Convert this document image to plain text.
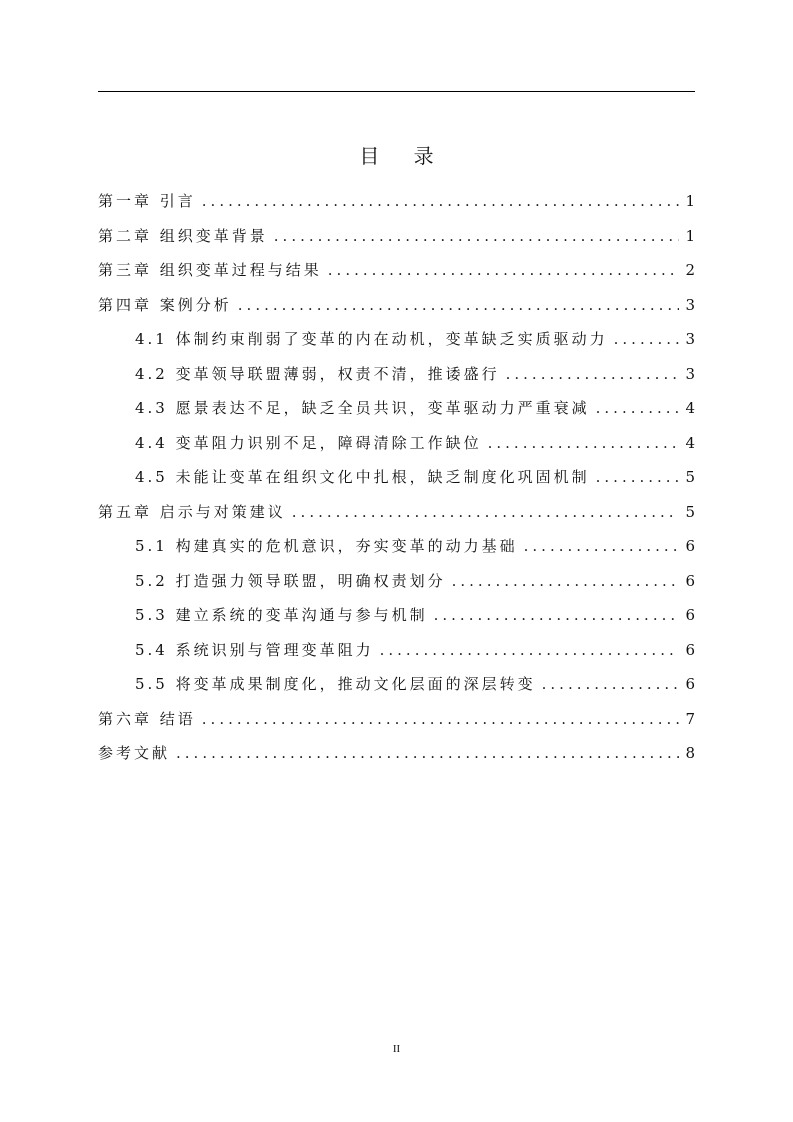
目 录
第一章 引言 .....	1
第二章 组织变革背景 .....	1
第三章 组织变革过程与结果 .....	2
第四章 案例分析 .....	3
4.1 体制约束削弱了变革的内在动机，变革缺乏实质驱动力 .....	3
4.2 变革领导联盟薄弱，权责不清，推诿盛行 .....	3
4.3 愿景表达不足，缺乏全员共识，变革驱动力严重衰减 .....	4
4.4 变革阻力识别不足，障碍清除工作缺位 .....	4
4.5 未能让变革在组织文化中扎根，缺乏制度化巩固机制 .....	5
第五章 启示与对策建议 .....	5
5.1 构建真实的危机意识，夯实变革的动力基础 .....	6
5.2 打造强力领导联盟，明确权责划分 .....	6
5.3 建立系统的变革沟通与参与机制 .....	6
5.4 系统识别与管理变革阻力 .....	6
5.5 将变革成果制度化，推动文化层面的深层转变 .....	6
第六章 结语 .....	7
参考文献 .....	8
II
